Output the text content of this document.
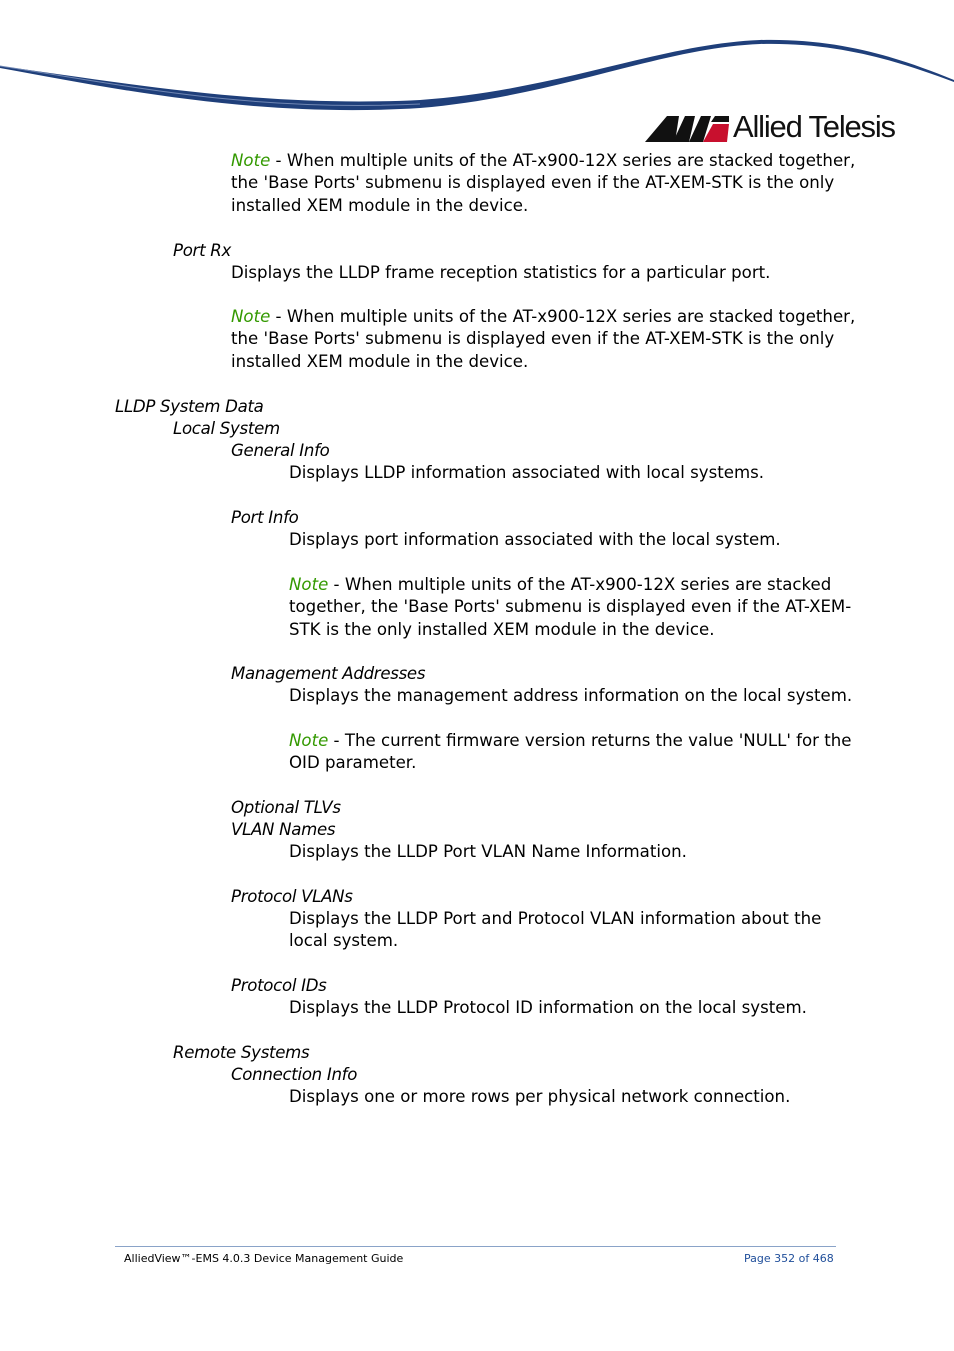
Allied Telesis
Note - When multiple units of the AT-x900-12X series are stacked together,
the 'Base Ports' submenu is displayed even if the AT-XEM-STK is the only
installed XEM module in the device.
Port Rx
Displays the LLDP frame reception statistics for a particular port.
Note - When multiple units of the AT-x900-12X series are stacked together,
the 'Base Ports' submenu is displayed even if the AT-XEM-STK is the only
installed XEM module in the device.
LLDP System Data
Local System
General Info
Displays LLDP information associated with local systems.
Port Info
Displays port information associated with the local system.
Note - When multiple units of the AT-x900-12X series are stacked
together, the 'Base Ports' submenu is displayed even if the AT-XEM-
STK is the only installed XEM module in the device.
Management Addresses
Displays the management address information on the local system.
Note - The current firmware version returns the value 'NULL' for the
OID parameter.
Optional TLVs
VLAN Names
Displays the LLDP Port VLAN Name Information.
Protocol VLANs
Displays the LLDP Port and Protocol VLAN information about the
local system.
Protocol IDs
Displays the LLDP Protocol ID information on the local system.
Remote Systems
Connection Info
Displays one or more rows per physical network connection.
AlliedView™-EMS 4.0.3 Device Management Guide	Page 352 of 468
